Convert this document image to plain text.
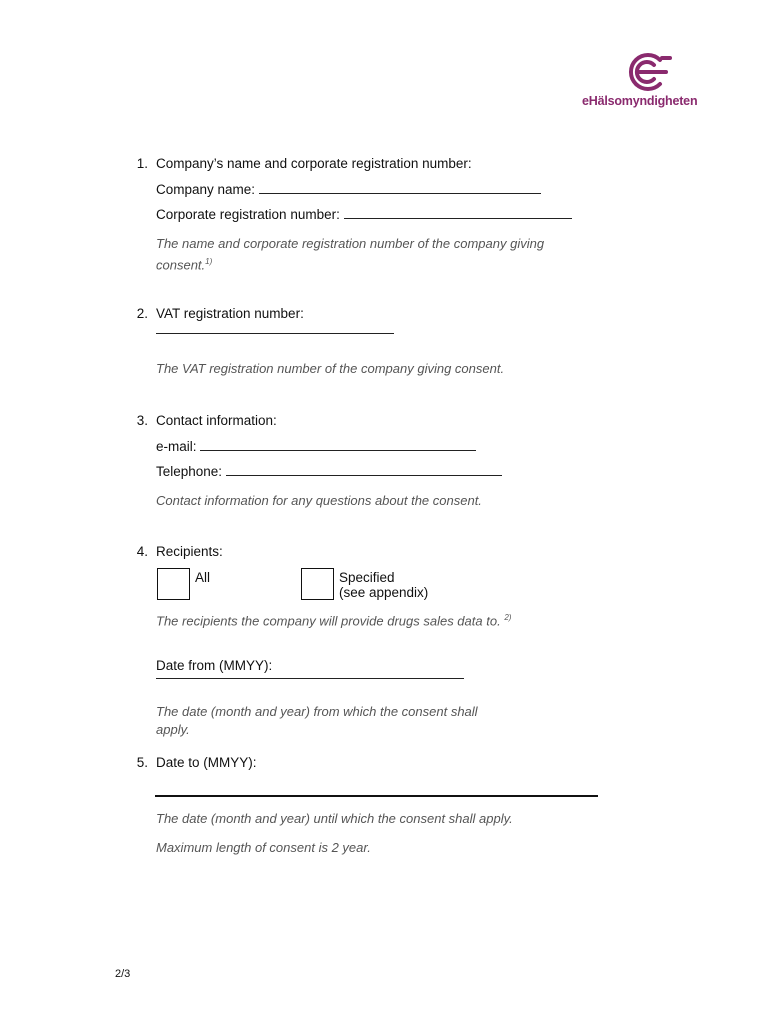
eHälsomyndigheten
1. Company’s name and corporate registration number:
Company name:
Corporate registration number:
The name and corporate registration number of the company giving
consent.$^{1)}$
2. VAT registration number:
The VAT registration number of the company giving consent.
3. Contact information:
e-mail:
Telephone:
Contact information for any questions about the consent.
4. Recipients:
All	Specified
(see appendix)
The recipients the company will provide drugs sales data to. $^{2)}$
Date from (MMYY):
The date (month and year) from which the consent shall
apply.
5. Date to (MMYY):
The date (month and year) until which the consent shall apply.
Maximum length of consent is 2 year.
2/3
